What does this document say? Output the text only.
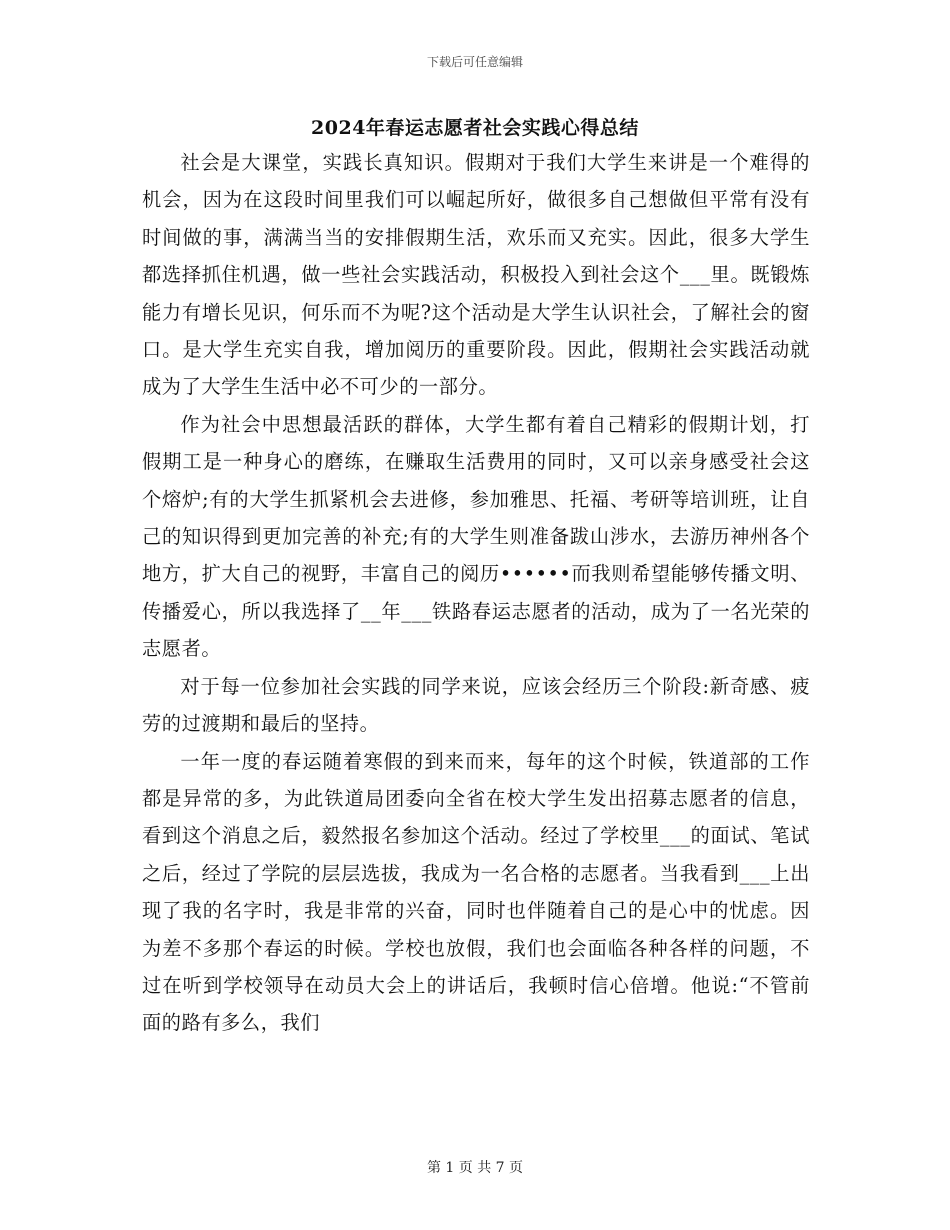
下载后可任意编辑
2024年春运志愿者社会实践心得总结

社会是大课堂，实践长真知识。假期对于我们大学生来讲是一个难得的机会，因为在这段时间里我们可以崛起所好，做很多自己想做但平常有没有时间做的事，满满当当的安排假期生活，欢乐而又充实。因此，很多大学生都选择抓住机遇，做一些社会实践活动，积极投入到社会这个___里。既锻炼能力有增长见识，何乐而不为呢?这个活动是大学生认识社会，了解社会的窗口。是大学生充实自我，增加阅历的重要阶段。因此，假期社会实践活动就成为了大学生生活中必不可少的一部分。

作为社会中思想最活跃的群体，大学生都有着自己精彩的假期计划，打假期工是一种身心的磨练，在赚取生活费用的同时，又可以亲身感受社会这个熔炉;有的大学生抓紧机会去进修，参加雅思、托福、考研等培训班，让自己的知识得到更加完善的补充;有的大学生则准备跋山涉水，去游历神州各个地方，扩大自己的视野，丰富自己的阅历••••••而我则希望能够传播文明、传播爱心，所以我选择了__年___铁路春运志愿者的活动，成为了一名光荣的志愿者。

对于每一位参加社会实践的同学来说，应该会经历三个阶段:新奇感、疲劳的过渡期和最后的坚持。

一年一度的春运随着寒假的到来而来，每年的这个时候，铁道部的工作都是异常的多，为此铁道局团委向全省在校大学生发出招募志愿者的信息，看到这个消息之后，毅然报名参加这个活动。经过了学校里___的面试、笔试之后，经过了学院的层层选拔，我成为一名合格的志愿者。当我看到___上出现了我的名字时，我是非常的兴奋，同时也伴随着自己的是心中的忧虑。因为差不多那个春运的时候。学校也放假，我们也会面临各种各样的问题，不过在听到学校领导在动员大会上的讲话后，我顿时信心倍增。他说:“不管前面的路有多么，我们

第 1 页 共 7 页
